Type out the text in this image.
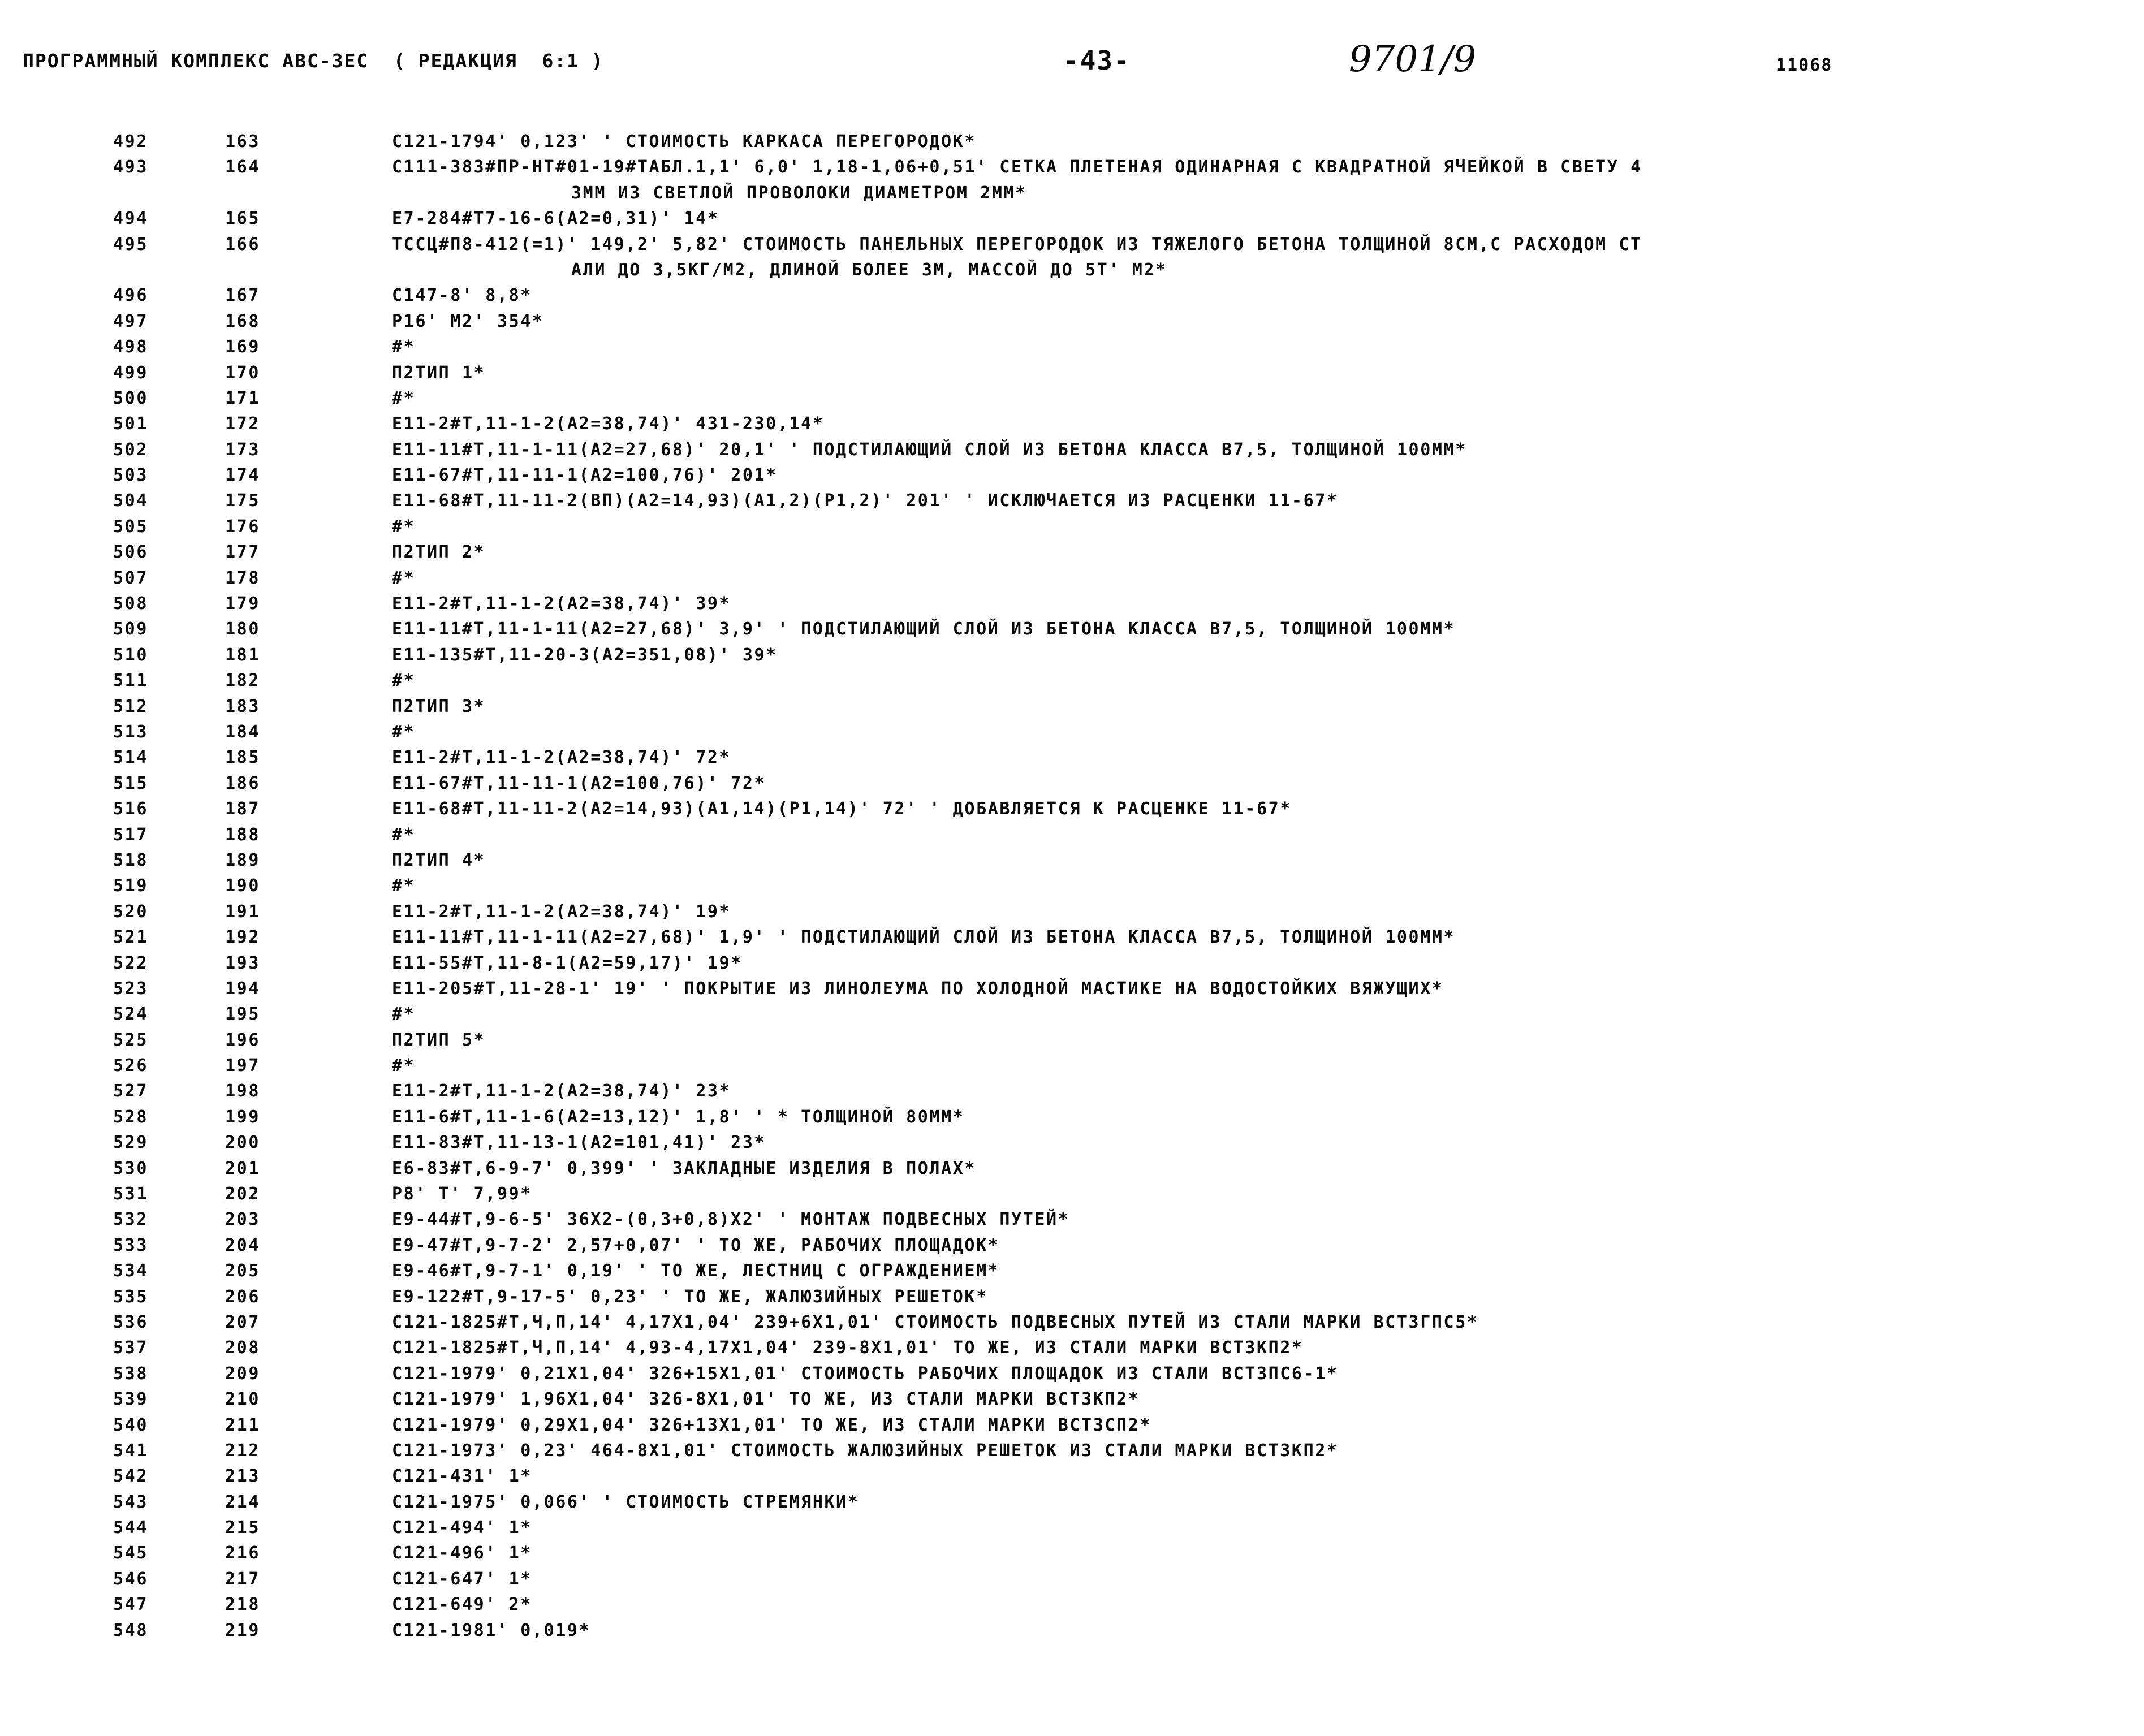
ПРОГРАММНЫЙ КОМПЛЕКС АВС-3ЕС  ( РЕДАКЦИЯ  6:1 )	-43-	9701/9	11068
492	163	С121-1794' 0,123' ' СТОИМОСТЬ КАРКАСА ПЕРЕГОРОДОК*
493	164	С111-383#ПР-НТ#01-19#ТАБЛ.1,1' 6,0' 1,18-1,06+0,51' СЕТКА ПЛЕТЕНАЯ ОДИНАРНАЯ С КВАДРАТНОЙ ЯЧЕЙКОЙ В СВЕТУ 4
3ММ ИЗ СВЕТЛОЙ ПРОВОЛОКИ ДИАМЕТРОМ 2ММ*
494	165	Е7-284#Т7-16-6(А2=0,31)' 14*
495	166	ТССЦ#П8-412(=1)' 149,2' 5,82' СТОИМОСТЬ ПАНЕЛЬНЫХ ПЕРЕГОРОДОК ИЗ ТЯЖЕЛОГО БЕТОНА ТОЛЩИНОЙ 8СМ,С РАСХОДОМ СТ
АЛИ ДО 3,5КГ/М2, ДЛИНОЙ БОЛЕЕ 3М, МАССОЙ ДО 5Т' М2*
496	167	С147-8' 8,8*
497	168	Р16' М2' 354*
498	169	#*
499	170	П2ТИП 1*
500	171	#*
501	172	Е11-2#Т,11-1-2(А2=38,74)' 431-230,14*
502	173	Е11-11#Т,11-1-11(А2=27,68)' 20,1' ' ПОДСТИЛАЮЩИЙ СЛОЙ ИЗ БЕТОНА КЛАССА В7,5, ТОЛЩИНОЙ 100ММ*
503	174	Е11-67#Т,11-11-1(А2=100,76)' 201*
504	175	Е11-68#Т,11-11-2(ВП)(А2=14,93)(А1,2)(Р1,2)' 201' ' ИСКЛЮЧАЕТСЯ ИЗ РАСЦЕНКИ 11-67*
505	176	#*
506	177	П2ТИП 2*
507	178	#*
508	179	Е11-2#Т,11-1-2(А2=38,74)' 39*
509	180	Е11-11#Т,11-1-11(А2=27,68)' 3,9' ' ПОДСТИЛАЮЩИЙ СЛОЙ ИЗ БЕТОНА КЛАССА В7,5, ТОЛЩИНОЙ 100ММ*
510	181	Е11-135#Т,11-20-3(А2=351,08)' 39*
511	182	#*
512	183	П2ТИП 3*
513	184	#*
514	185	Е11-2#Т,11-1-2(А2=38,74)' 72*
515	186	Е11-67#Т,11-11-1(А2=100,76)' 72*
516	187	Е11-68#Т,11-11-2(А2=14,93)(А1,14)(Р1,14)' 72' ' ДОБАВЛЯЕТСЯ К РАСЦЕНКЕ 11-67*
517	188	#*
518	189	П2ТИП 4*
519	190	#*
520	191	Е11-2#Т,11-1-2(А2=38,74)' 19*
521	192	Е11-11#Т,11-1-11(А2=27,68)' 1,9' ' ПОДСТИЛАЮЩИЙ СЛОЙ ИЗ БЕТОНА КЛАССА В7,5, ТОЛЩИНОЙ 100ММ*
522	193	Е11-55#Т,11-8-1(А2=59,17)' 19*
523	194	Е11-205#Т,11-28-1' 19' ' ПОКРЫТИЕ ИЗ ЛИНОЛЕУМА ПО ХОЛОДНОЙ МАСТИКЕ НА ВОДОСТОЙКИХ ВЯЖУЩИХ*
524	195	#*
525	196	П2ТИП 5*
526	197	#*
527	198	Е11-2#Т,11-1-2(А2=38,74)' 23*
528	199	Е11-6#Т,11-1-6(А2=13,12)' 1,8' ' * ТОЛЩИНОЙ 80ММ*
529	200	Е11-83#Т,11-13-1(А2=101,41)' 23*
530	201	Е6-83#Т,6-9-7' 0,399' ' ЗАКЛАДНЫЕ ИЗДЕЛИЯ В ПОЛАХ*
531	202	Р8' Т' 7,99*
532	203	Е9-44#Т,9-6-5' 36Х2-(0,3+0,8)Х2' ' МОНТАЖ ПОДВЕСНЫХ ПУТЕЙ*
533	204	Е9-47#Т,9-7-2' 2,57+0,07' ' ТО ЖЕ, РАБОЧИХ ПЛОЩАДОК*
534	205	Е9-46#Т,9-7-1' 0,19' ' ТО ЖЕ, ЛЕСТНИЦ С ОГРАЖДЕНИЕМ*
535	206	Е9-122#Т,9-17-5' 0,23' ' ТО ЖЕ, ЖАЛЮЗИЙНЫХ РЕШЕТОК*
536	207	С121-1825#Т,Ч,П,14' 4,17Х1,04' 239+6Х1,01' СТОИМОСТЬ ПОДВЕСНЫХ ПУТЕЙ ИЗ СТАЛИ МАРКИ ВСТ3ГПС5*
537	208	С121-1825#Т,Ч,П,14' 4,93-4,17Х1,04' 239-8Х1,01' ТО ЖЕ, ИЗ СТАЛИ МАРКИ ВСТ3КП2*
538	209	С121-1979' 0,21Х1,04' 326+15Х1,01' СТОИМОСТЬ РАБОЧИХ ПЛОЩАДОК ИЗ СТАЛИ ВСТ3ПС6-1*
539	210	С121-1979' 1,96Х1,04' 326-8Х1,01' ТО ЖЕ, ИЗ СТАЛИ МАРКИ ВСТ3КП2*
540	211	С121-1979' 0,29Х1,04' 326+13Х1,01' ТО ЖЕ, ИЗ СТАЛИ МАРКИ ВСТ3СП2*
541	212	С121-1973' 0,23' 464-8Х1,01' СТОИМОСТЬ ЖАЛЮЗИЙНЫХ РЕШЕТОК ИЗ СТАЛИ МАРКИ ВСТ3КП2*
542	213	С121-431' 1*
543	214	С121-1975' 0,066' ' СТОИМОСТЬ СТРЕМЯНКИ*
544	215	С121-494' 1*
545	216	С121-496' 1*
546	217	С121-647' 1*
547	218	С121-649' 2*
548	219	С121-1981' 0,019*
